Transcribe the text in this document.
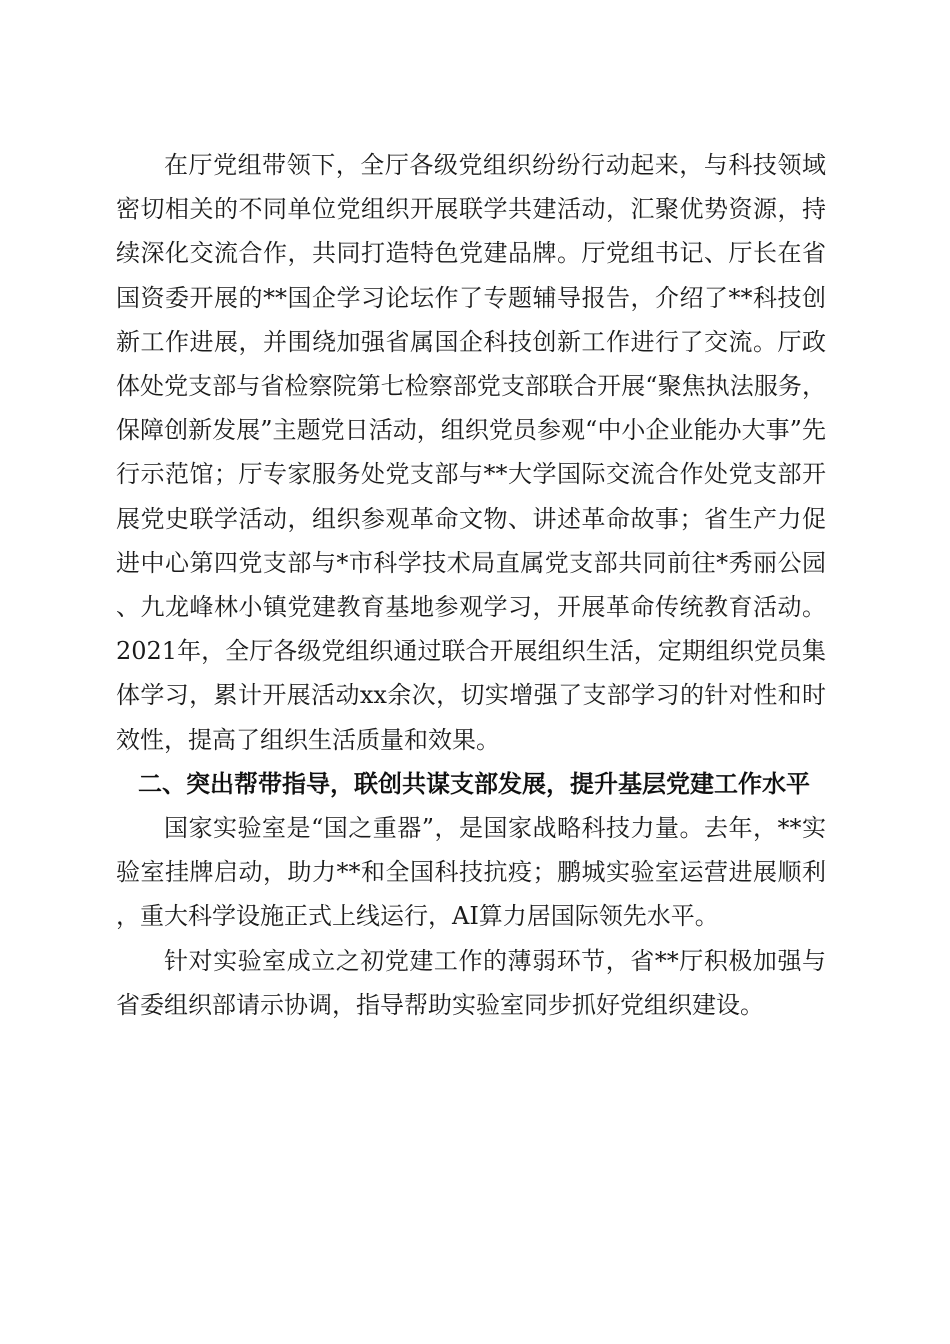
在厅党组带领下，全厅各级党组织纷纷行动起来，与科技领域密切相关的不同单位党组织开展联学共建活动，汇聚优势资源，持续深化交流合作，共同打造特色党建品牌。厅党组书记、厅长在省国资委开展的**国企学习论坛作了专题辅导报告，介绍了**科技创新工作进展，并围绕加强省属国企科技创新工作进行了交流。厅政体处党支部与省检察院第七检察部党支部联合开展“聚焦执法服务，保障创新发展”主题党日活动，组织党员参观“中小企业能办大事”先行示范馆；厅专家服务处党支部与**大学国际交流合作处党支部开展党史联学活动，组织参观革命文物、讲述革命故事；省生产力促进中心第四党支部与*市科学技术局直属党支部共同前往*秀丽公园、九龙峰林小镇党建教育基地参观学习，开展革命传统教育活动。2021年，全厅各级党组织通过联合开展组织生活，定期组织党员集体学习，累计开展活动xx余次，切实增强了支部学习的针对性和时效性，提高了组织生活质量和效果。

二、突出帮带指导，联创共谋支部发展，提升基层党建工作水平

国家实验室是“国之重器”，是国家战略科技力量。去年，**实验室挂牌启动，助力**和全国科技抗疫；鹏城实验室运营进展顺利，重大科学设施正式上线运行，AI算力居国际领先水平。

针对实验室成立之初党建工作的薄弱环节，省**厅积极加强与省委组织部请示协调，指导帮助实验室同步抓好党组织建设。
